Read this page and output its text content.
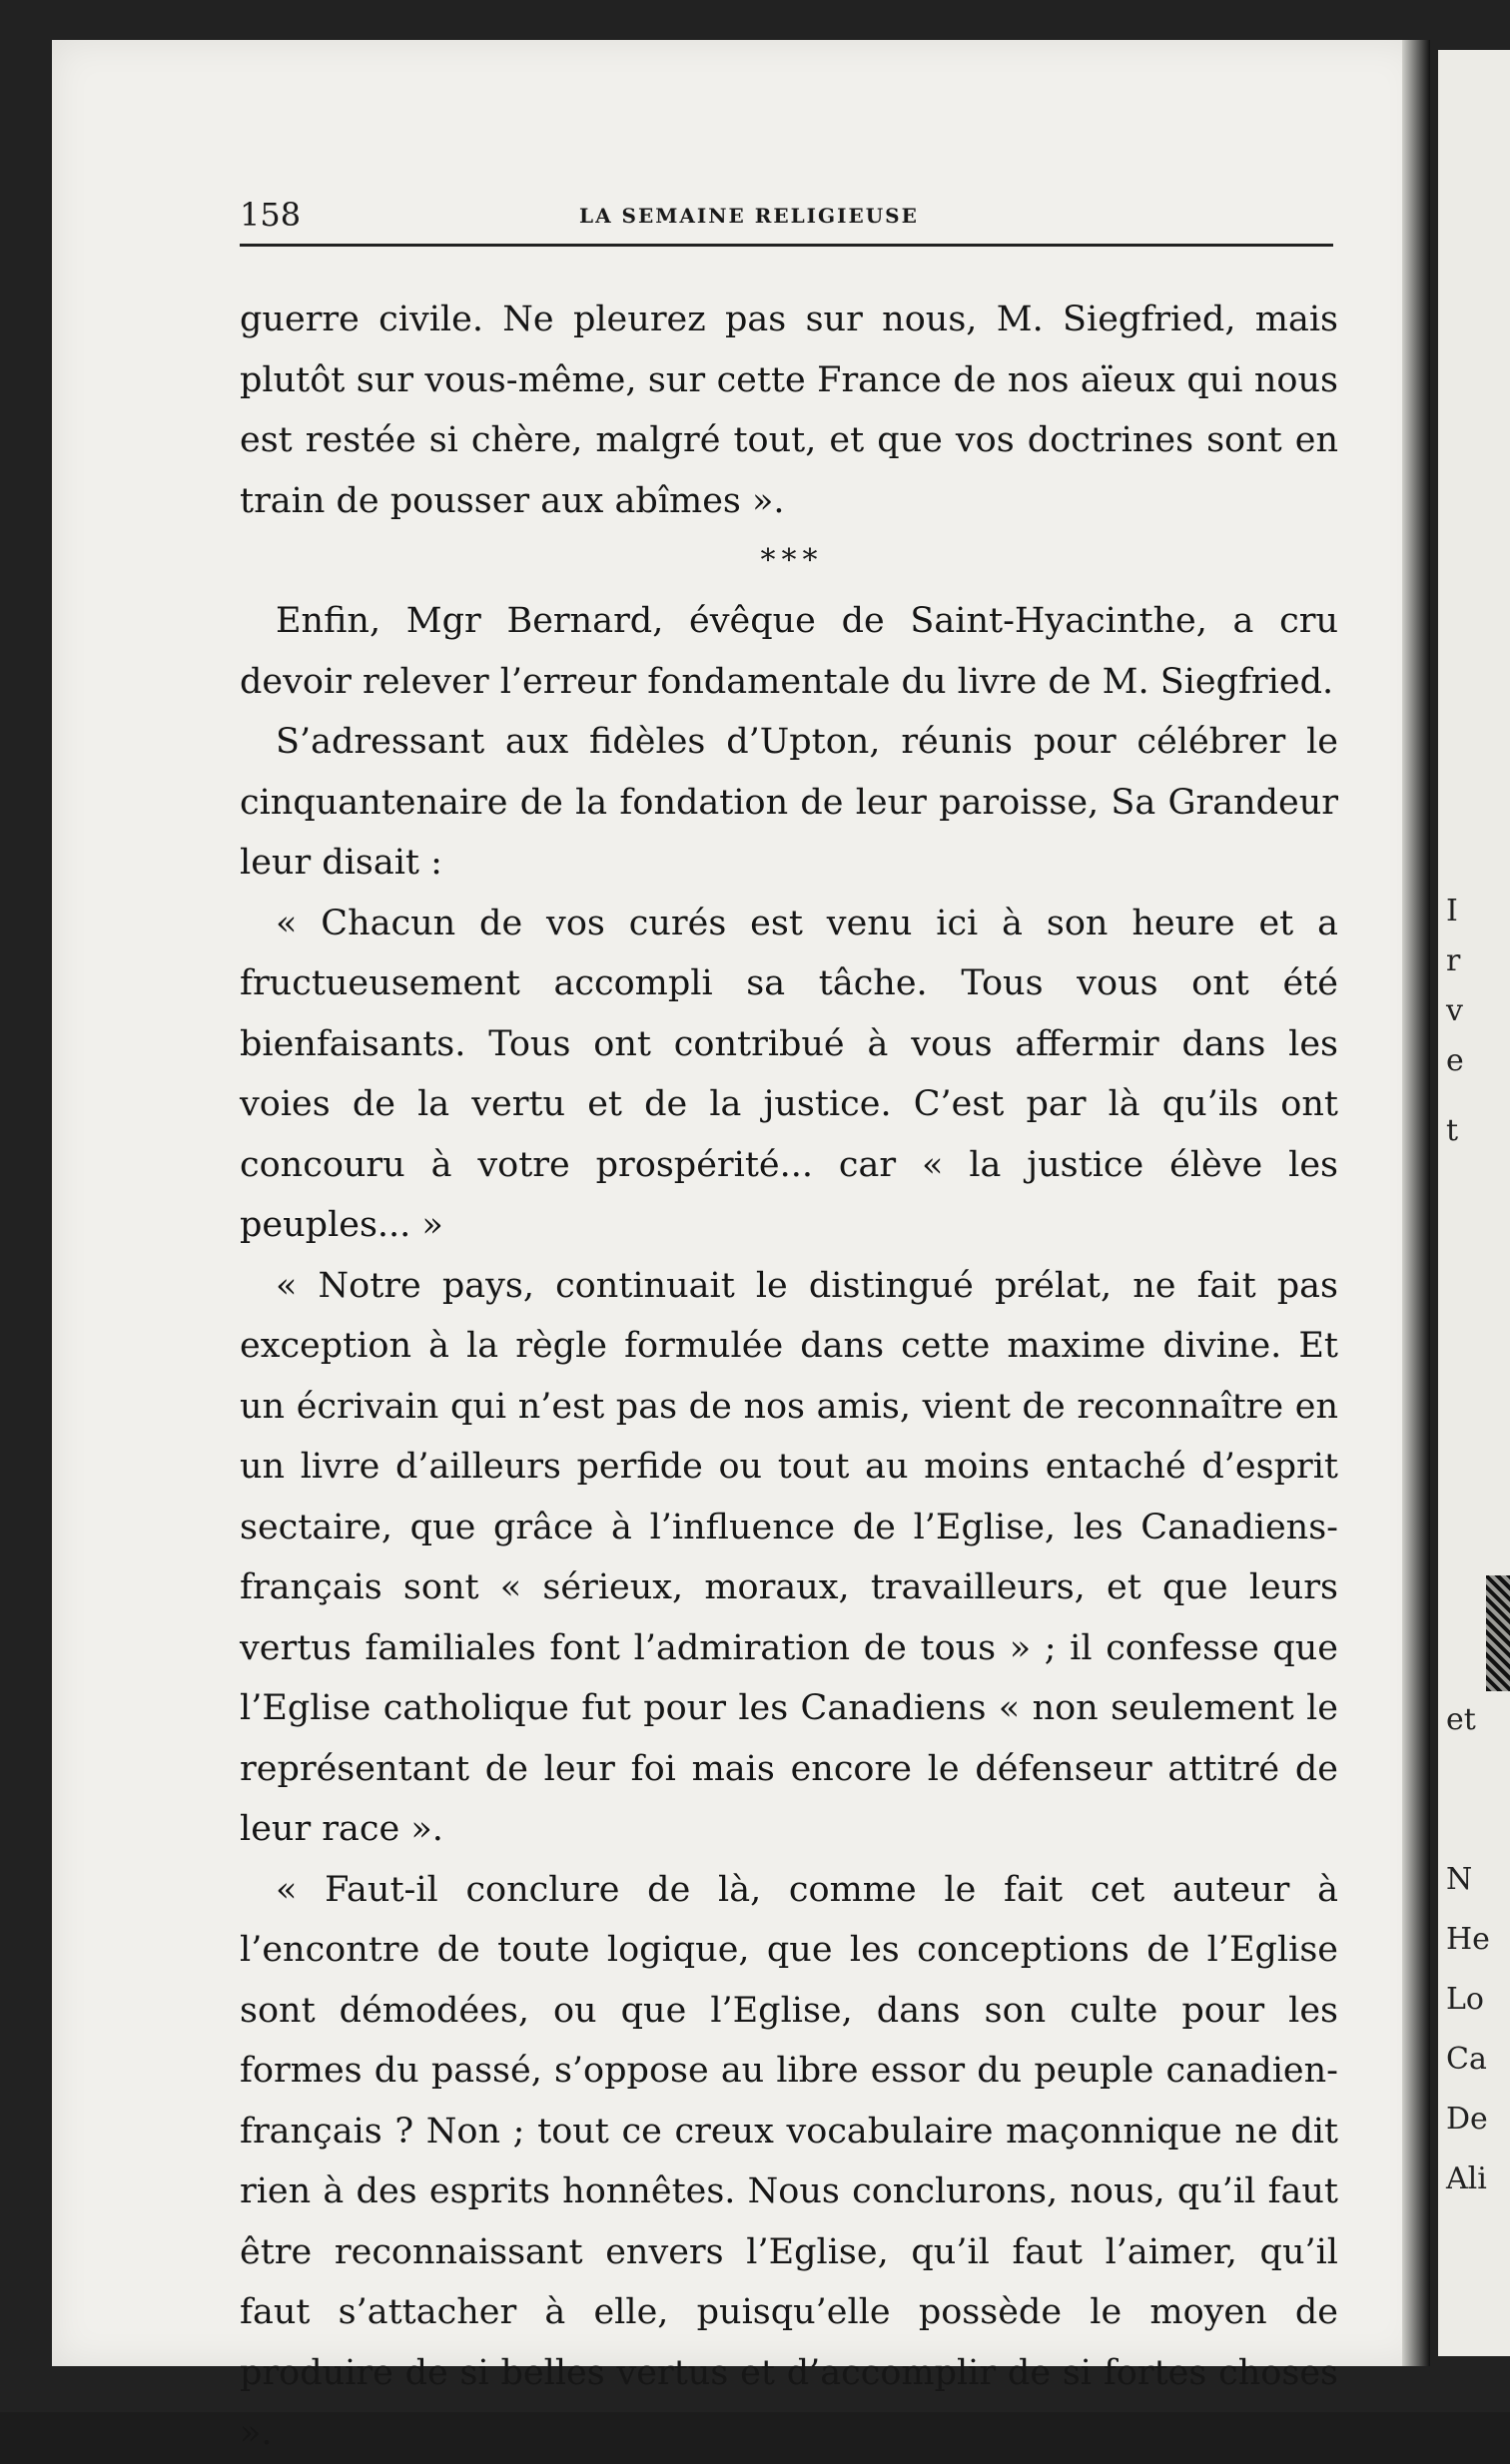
I
r
v
e
t
et
N
He
Lo
Ca
De
Ali
158	LA SEMAINE RELIGIEUSE

guerre civile. Ne pleurez pas sur nous, M. Siegfried, mais plutôt sur vous-même, sur cette France de nos aïeux qui nous est restée si chère, malgré tout, et que vos doctrines sont en train de pousser aux abîmes ».

* * *

Enfin, Mgr Bernard, évêque de Saint-Hyacinthe, a cru devoir relever l’erreur fondamentale du livre de M. Siegfried.

S’adressant aux fidèles d’Upton, réunis pour célébrer le cinquantenaire de la fondation de leur paroisse, Sa Grandeur leur disait :

« Chacun de vos curés est venu ici à son heure et a fructueusement accompli sa tâche. Tous vous ont été bienfaisants. Tous ont contribué à vous affermir dans les voies de la vertu et de la justice. C’est par là qu’ils ont concouru à votre prospérité... car « la justice élève les peuples... »

« Notre pays, continuait le distingué prélat, ne fait pas exception à la règle formulée dans cette maxime divine. Et un écrivain qui n’est pas de nos amis, vient de reconnaître en un livre d’ailleurs perfide ou tout au moins entaché d’esprit sectaire, que grâce à l’influence de l’Eglise, les Canadiens-français sont « sérieux, moraux, travailleurs, et que leurs vertus familiales font l’admiration de tous » ; il confesse que l’Eglise catholique fut pour les Canadiens « non seulement le représentant de leur foi mais encore le défenseur attitré de leur race ».

« Faut-il conclure de là, comme le fait cet auteur à l’encontre de toute logique, que les conceptions de l’Eglise sont démodées, ou que l’Eglise, dans son culte pour les formes du passé, s’oppose au libre essor du peuple canadien-français ? Non ; tout ce creux vocabulaire maçonnique ne dit rien à des esprits honnêtes. Nous conclurons, nous, qu’il faut être reconnaissant envers l’Eglise, qu’il faut l’aimer, qu’il faut s’attacher à elle, puisqu’elle possède le moyen de produire de si belles vertus et d’accomplir de si fortes choses ».
